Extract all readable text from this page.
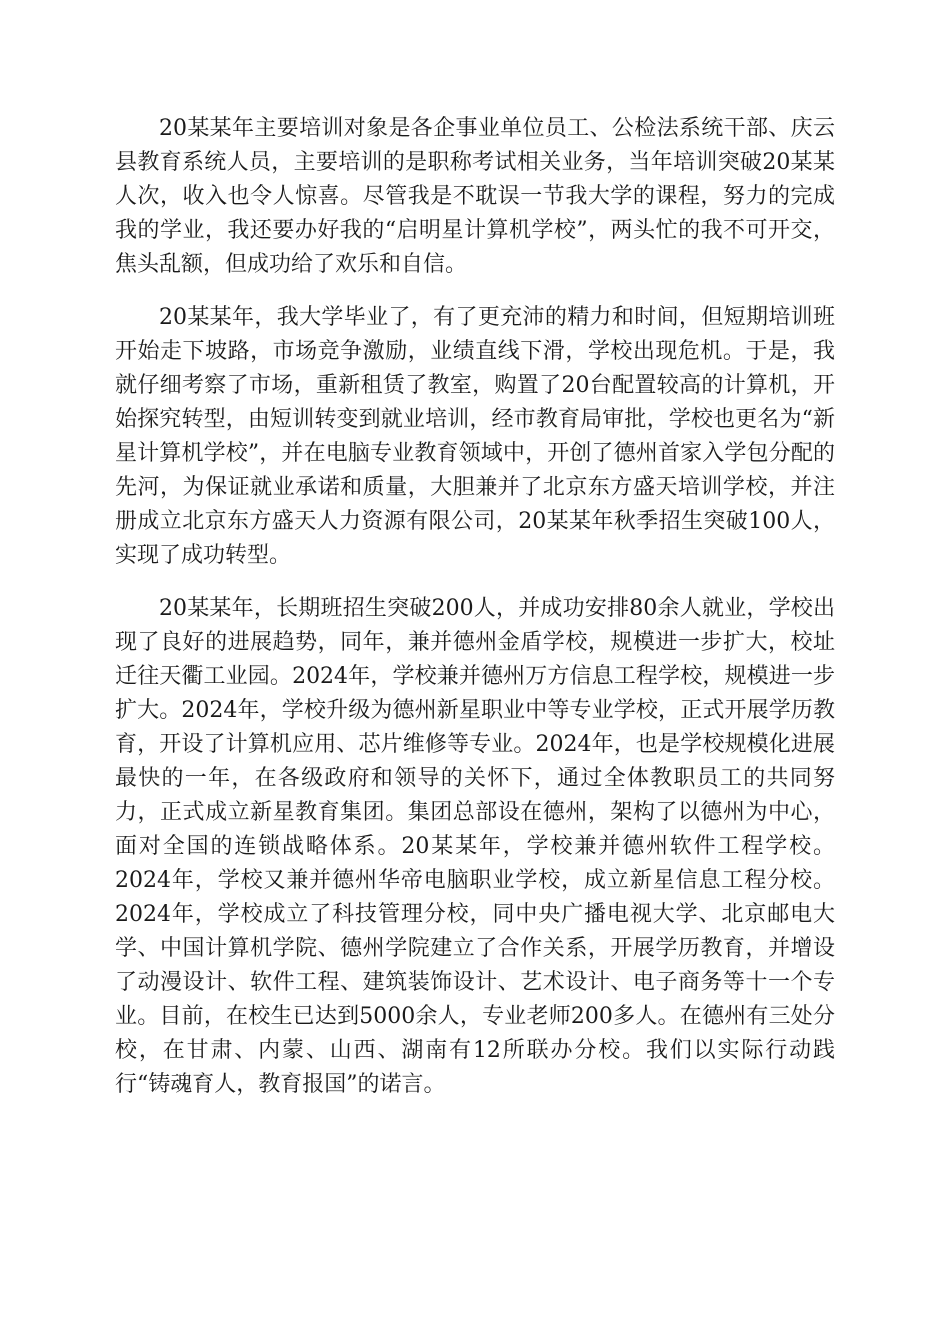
20某某年主要培训对象是各企事业单位员工、公检法系统干部、庆云县教育系统人员，主要培训的是职称考试相关业务，当年培训突破20某某人次，收入也令人惊喜。尽管我是不耽误一节我大学的课程，努力的完成我的学业，我还要办好我的“启明星计算机学校”，两头忙的我不可开交，焦头乱额，但成功给了欢乐和自信。

20某某年，我大学毕业了，有了更充沛的精力和时间，但短期培训班开始走下坡路，市场竞争激励，业绩直线下滑，学校出现危机。于是，我就仔细考察了市场，重新租赁了教室，购置了20台配置较高的计算机，开始探究转型，由短训转变到就业培训，经市教育局审批，学校也更名为“新星计算机学校”，并在电脑专业教育领域中，开创了德州首家入学包分配的先河，为保证就业承诺和质量，大胆兼并了北京东方盛天培训学校，并注册成立北京东方盛天人力资源有限公司，20某某年秋季招生突破100人，实现了成功转型。

20某某年，长期班招生突破200人，并成功安排80余人就业，学校出现了良好的进展趋势，同年，兼并德州金盾学校，规模进一步扩大，校址迁往天衢工业园。2024年，学校兼并德州万方信息工程学校，规模进一步扩大。2024年，学校升级为德州新星职业中等专业学校，正式开展学历教育，开设了计算机应用、芯片维修等专业。2024年，也是学校规模化进展最快的一年，在各级政府和领导的关怀下，通过全体教职员工的共同努力，正式成立新星教育集团。集团总部设在德州，架构了以德州为中心，面对全国的连锁战略体系。20某某年，学校兼并德州软件工程学校。2024年，学校又兼并德州华帝电脑职业学校，成立新星信息工程分校。2024年，学校成立了科技管理分校，同中央广播电视大学、北京邮电大学、中国计算机学院、德州学院建立了合作关系，开展学历教育，并增设了动漫设计、软件工程、建筑装饰设计、艺术设计、电子商务等十一个专业。目前，在校生已达到5000余人，专业老师200多人。在德州有三处分校，在甘肃、内蒙、山西、湖南有12所联办分校。我们以实际行动践行“铸魂育人，教育报国”的诺言。
